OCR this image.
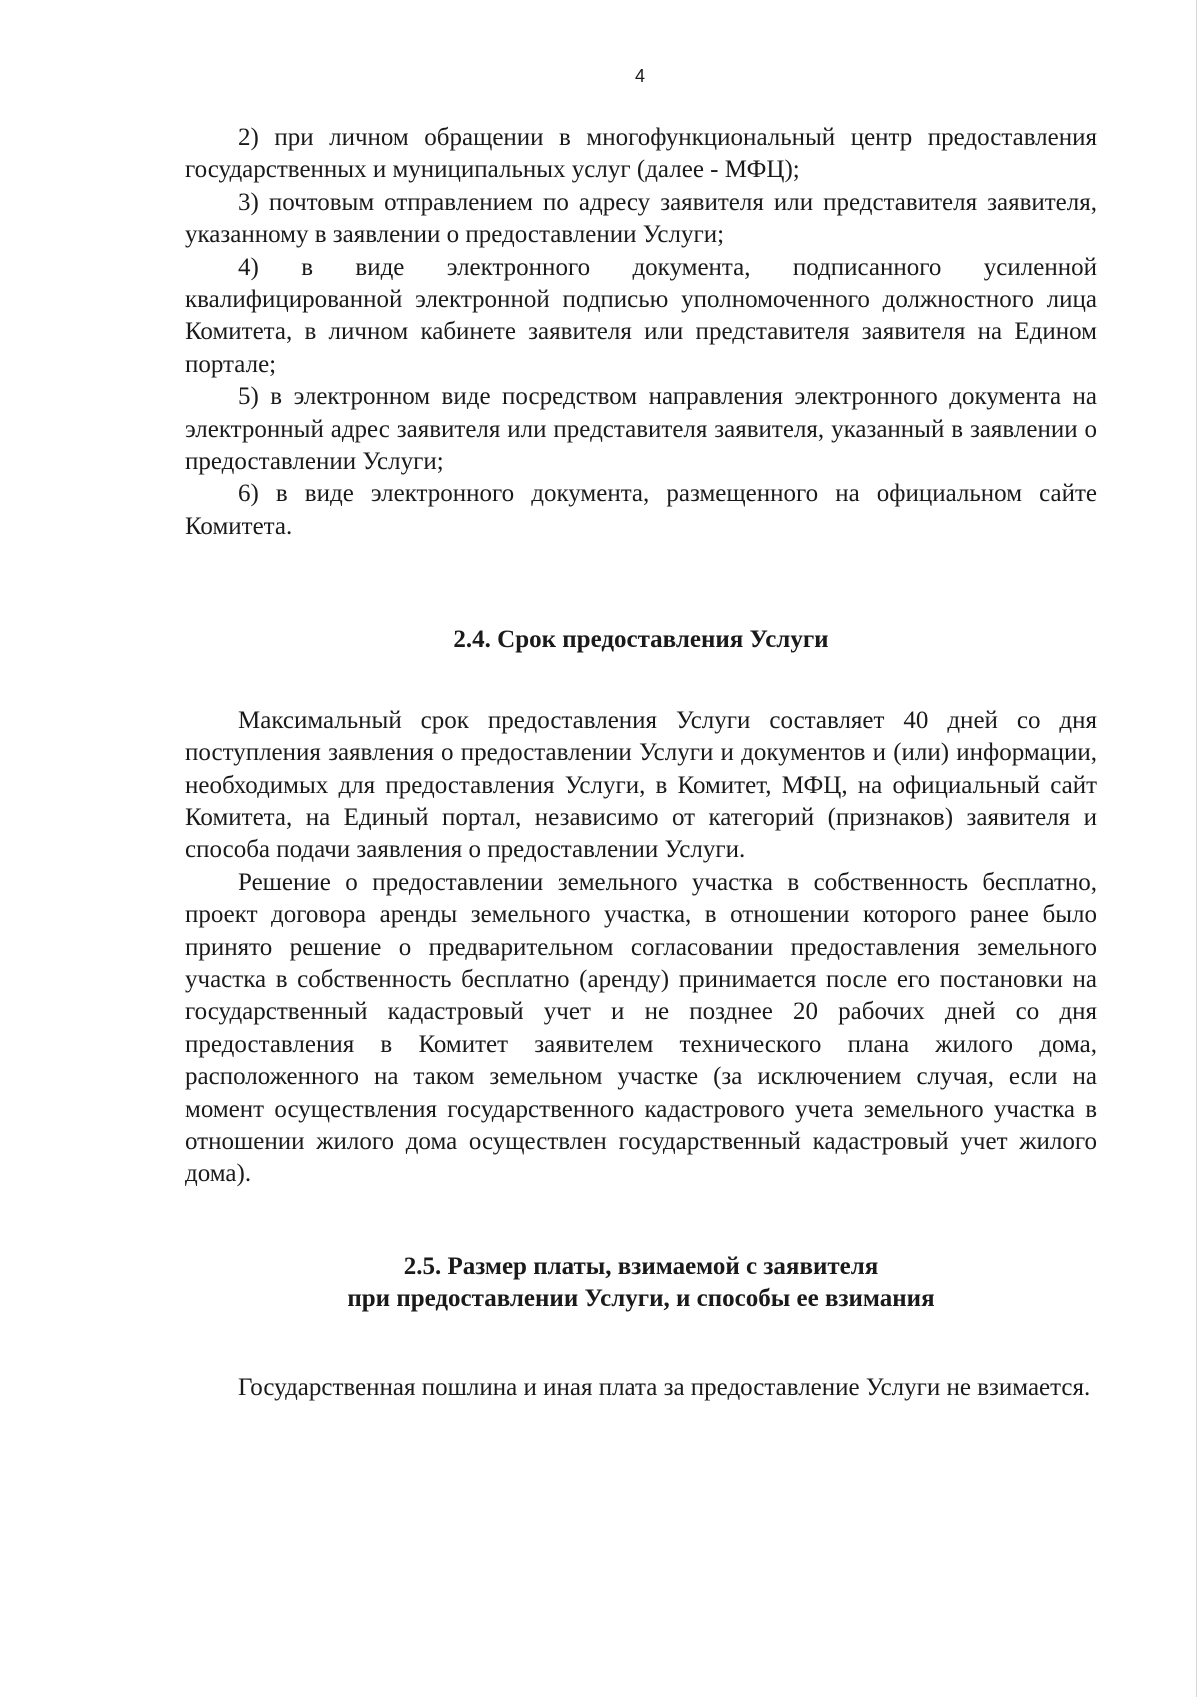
4

2) при личном обращении в многофункциональный центр предоставления государственных и муниципальных услуг (далее - МФЦ);

3) почтовым отправлением по адресу заявителя или представителя заявителя, указанному в заявлении о предоставлении Услуги;

4) в виде электронного документа, подписанного усиленной квалифицированной электронной подписью уполномоченного должностного лица Комитета, в личном кабинете заявителя или представителя заявителя на Едином портале;

5) в электронном виде посредством направления электронного документа на электронный адрес заявителя или представителя заявителя, указанный в заявлении о предоставлении Услуги;

6) в виде электронного документа, размещенного на официальном сайте Комитета.

2.4. Срок предоставления Услуги

Максимальный срок предоставления Услуги составляет 40 дней со дня поступления заявления о предоставлении Услуги и документов и (или) информации, необходимых для предоставления Услуги, в Комитет, МФЦ, на официальный сайт Комитета, на Единый портал, независимо от категорий (признаков) заявителя и способа подачи заявления о предоставлении Услуги.

Решение о предоставлении земельного участка в собственность бесплатно, проект договора аренды земельного участка, в отношении которого ранее было принято решение о предварительном согласовании предоставления земельного участка в собственность бесплатно (аренду) принимается после его постановки на государственный кадастровый учет и не позднее 20 рабочих дней со дня предоставления в Комитет заявителем технического плана жилого дома, расположенного на таком земельном участке (за исключением случая, если на момент осуществления государственного кадастрового учета земельного участка в отношении жилого дома осуществлен государственный кадастровый учет жилого дома).

2.5. Размер платы, взимаемой с заявителя
при предоставлении Услуги, и способы ее взимания

Государственная пошлина и иная плата за предоставление Услуги не взимается.
